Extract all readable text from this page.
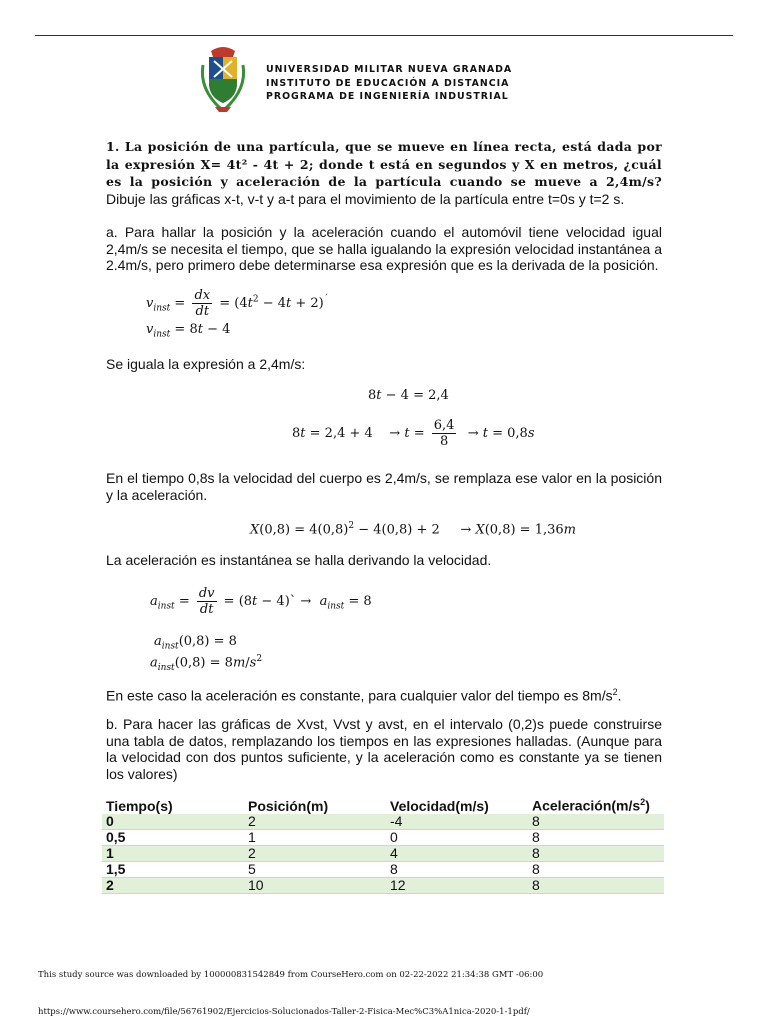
UNIVERSIDAD MILITAR NUEVA GRANADA
INSTITUTO DE EDUCACIÓN A DISTANCIA
PROGRAMA DE INGENIERÍA INDUSTRIAL
1. La posición de una partícula, que se mueve en línea recta, está dada por la expresión X= 4t² - 4t + 2; donde t está en segundos y X en metros, ¿cuál es la posición y aceleración de la partícula cuando se mueve a 2,4m/s? Dibuje las gráficas x-t, v-t y a-t para el movimiento de la partícula entre t=0s y t=2 s.
a. Para hallar la posición y la aceleración cuando el automóvil tiene velocidad igual 2,4m/s se necesita el tiempo, que se halla igualando la expresión velocidad instantánea a 2.4m/s, pero primero debe determinarse esa expresión que es la derivada de la posición.
$v_{inst} = \frac{dx}{dt} = (4t^2 - 4t + 2)^´$
$v_{inst} = 8t - 4$
Se iguala la expresión a 2,4m/s:
8t − 4 = 2,4
8t = 2,4 + 4    → $t = \frac{6,4}{8} \to t = 0,8s$
En el tiempo 0,8s la velocidad del cuerpo es 2,4m/s, se remplaza ese valor en la posición y la aceleración.
$X(0,8) = 4(0,8)^2 - 4(0,8) + 2$     → X(0,8) = 1,36m
La aceleración es instantánea se halla derivando la velocidad.
$a_{inst} = \frac{dv}{dt} = (8t$ − 4)` →  $a_{inst} = 8$
$a_{inst}(0,8) = 8$
$a_{inst}(0,8) = 8m/s^2$
En este caso la aceleración es constante, para cualquier valor del tiempo es $8m/s^2$.
b. Para hacer las gráficas de Xvst, Vvst y avst, en el intervalo (0,2)s puede construirse una tabla de datos, remplazando los tiempos en las expresiones halladas. (Aunque para la velocidad con dos puntos suficiente, y la aceleración como es constante ya se tienen los valores)
Tiempo(s)	Posición(m)	Velocidad(m/s)	$Aceleración(m/s^2)$
0	2	-4	8
0,5	1	0	8
1	2	4	8
1,5	5	8	8
2	10	12	8
This study source was downloaded by 100000831542849 from CourseHero.com on 02-22-2022 21:34:38 GMT -06:00
https://www.coursehero.com/file/56761902/Ejercicios-Solucionados-Taller-2-Fisica-Mec%C3%A1nica-2020-1-1pdf/
